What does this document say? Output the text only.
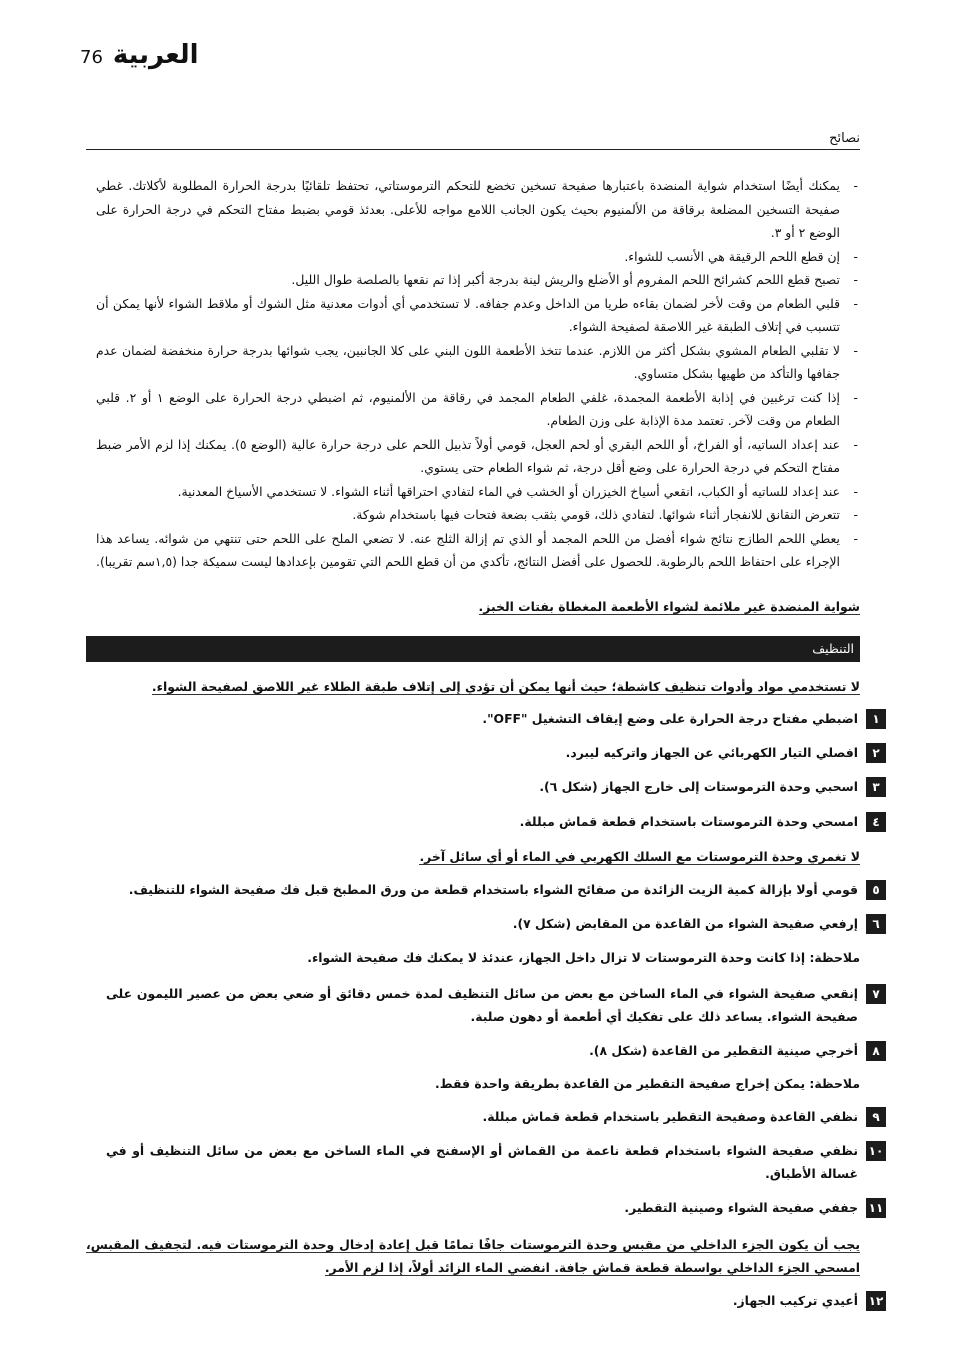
76 العربية
نصائح
- يمكنك أيضًا استخدام شواية المنضدة باعتبارها صفيحة تسخين تخضع للتحكم الترموستاتي، تحتفظ تلقائيًا بدرجة الحرارة المطلوبة لأكلاتك. غطي صفيحة التسخين المضلعة برقاقة من الألمنيوم بحيث يكون الجانب اللامع مواجه للأعلى. بعدئذ قومي بضبط مفتاح التحكم في درجة الحرارة على الوضع ٢ أو ٣.
- إن قطع اللحم الرقيقة هي الأنسب للشواء.
- تصبح قطع اللحم كشرائح اللحم المفروم أو الأضلع والريش لينة بدرجة أكبر إذا تم نقعها بالصلصة طوال الليل.
- قلبي الطعام من وقت لأخر لضمان بقاءه طريا من الداخل وعدم جفافه. لا تستخدمي أي أدوات معدنية مثل الشوك أو ملاقط الشواء لأنها يمكن أن تتسبب في إتلاف الطبقة غير اللاصقة لصفيحة الشواء.
- لا تقلبي الطعام المشوي بشكل أكثر من اللازم. عندما تتخذ الأطعمة اللون البني على كلا الجانبين، يجب شوائها بدرجة حرارة منخفضة لضمان عدم جفافها والتأكد من طهيها بشكل متساوي.
- إذا كنت ترغبين في إذابة الأطعمة المجمدة، غلفي الطعام المجمد في رقاقة من الألمنيوم، ثم اضبطي درجة الحرارة على الوضع ١ أو ٢. قلبي الطعام من وقت لآخر. تعتمد مدة الإذابة على وزن الطعام.
- عند إعداد الساتيه، أو الفراخ، أو اللحم البقري أو لحم العجل، قومي أولاً تذبيل اللحم على درجة حرارة عالية (الوضع ٥). يمكنك إذا لزم الأمر ضبط مفتاح التحكم في درجة الحرارة على وضع أقل درجة، ثم شواء الطعام حتى يستوي.
- عند إعداد للساتيه أو الكباب، انقعي أسياخ الخيزران أو الخشب في الماء لتفادي احتراقها أثناء الشواء. لا تستخدمي الأسياخ المعدنية.
- تتعرض النقانق للانفجار أثناء شوائها. لتفادي ذلك، قومي بثقب بضعة فتحات فيها باستخدام شوكة.
- يعطي اللحم الطازج نتائج شواء أفضل من اللحم المجمد أو الذي تم إزالة الثلج عنه. لا تضعي الملح على اللحم حتى تنتهي من شوائه. يساعد هذا الإجراء على احتفاظ اللحم بالرطوبة. للحصول على أفضل النتائج، تأكدي من أن قطع اللحم التي تقومين بإعدادها ليست سميكة جدا (١,٥سم تقريبا).
شواية المنضدة غير ملائمة لشواء الأطعمة المغطاة بفتات الخبز.
التنظيف
لا تستخدمي مواد وأدوات تنظيف كاشطة؛ حيث أنها يمكن أن تؤدي إلى إتلاف طبقة الطلاء غير اللاصق لصفيحة الشواء.
١
اضبطي مفتاح درجة الحرارة على وضع إيقاف التشغيل "OFF".
٢
افصلي التيار الكهربائي عن الجهاز واتركيه ليبرد.
٣
اسحبي وحدة الترموستات إلى خارج الجهاز (شكل ٦).
٤
امسحي وحدة الترموستات باستخدام قطعة قماش مبللة.
لا تغمري وحدة الترموستات مع السلك الكهربي في الماء أو أي سائل آخر.
٥
قومي أولا بإزالة كمية الزيت الزائدة من صفائح الشواء باستخدام قطعة من ورق المطبخ قبل فك صفيحة الشواء للتنظيف.
٦
إرفعي صفيحة الشواء من القاعدة من المقابض (شكل ٧).
ملاحظة: إذا كانت وحدة الترموستات لا تزال داخل الجهاز، عندئذ لا يمكنك فك صفيحة الشواء.
٧
إنقعي صفيحة الشواء في الماء الساخن مع بعض من سائل التنظيف لمدة خمس دقائق أو ضعي بعض من عصير الليمون على صفيحة الشواء. يساعد ذلك على تفكيك أي أطعمة أو دهون صلبة.
٨
أخرجي صينية التقطير من القاعدة (شكل ٨).
ملاحظة: يمكن إخراج صفيحة التقطير من القاعدة بطريقة واحدة فقط.
٩
نظفي القاعدة وصفيحة التقطير باستخدام قطعة قماش مبللة.
١٠
نظفي صفيحة الشواء باستخدام قطعة ناعمة من القماش أو الإسفنج في الماء الساخن مع بعض من سائل التنظيف أو في غسالة الأطباق.
١١
جففي صفيحة الشواء وصينية التقطير.
يجب أن يكون الجزء الداخلي من مقبس وحدة الترموستات جافًا تمامًا قبل إعادة إدخال وحدة الترموستات فيه. لتجفيف المقبس، امسحي الجزء الداخلي بواسطة قطعة قماش جافة. انفضي الماء الزائد أولاً، إذا لزم الأمر.
١٢
أعيدي تركيب الجهاز.
